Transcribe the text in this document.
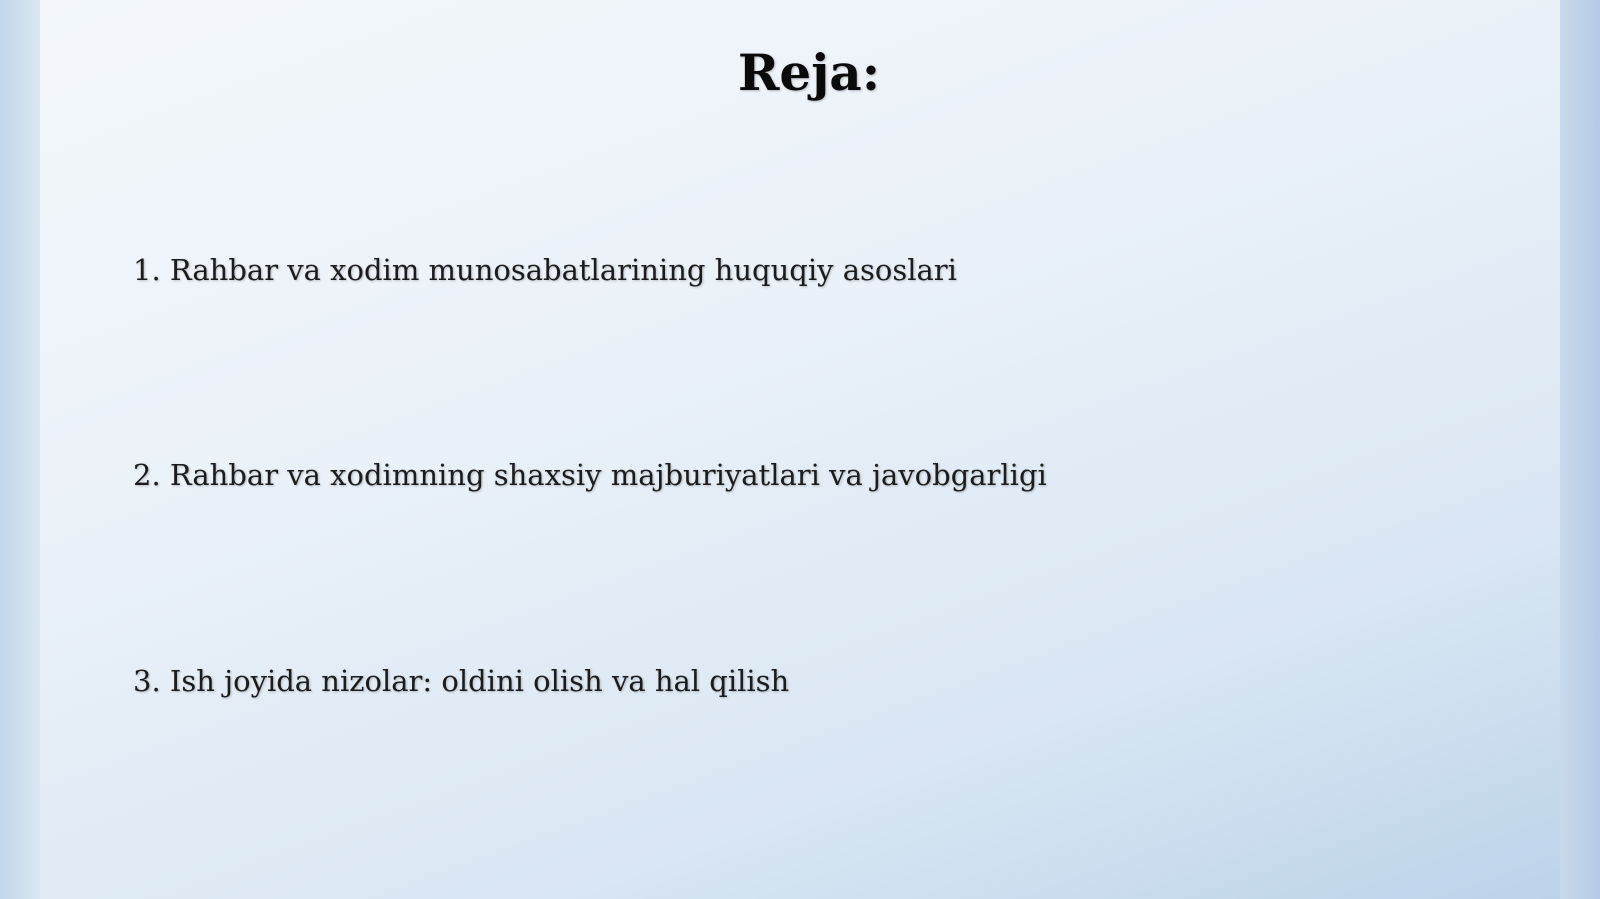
Reja:
1. Rahbar va xodim munosabatlarining huquqiy asoslari
2. Rahbar va xodimning shaxsiy majburiyatlari va javobgarligi
3. Ish joyida nizolar: oldini olish va hal qilish
